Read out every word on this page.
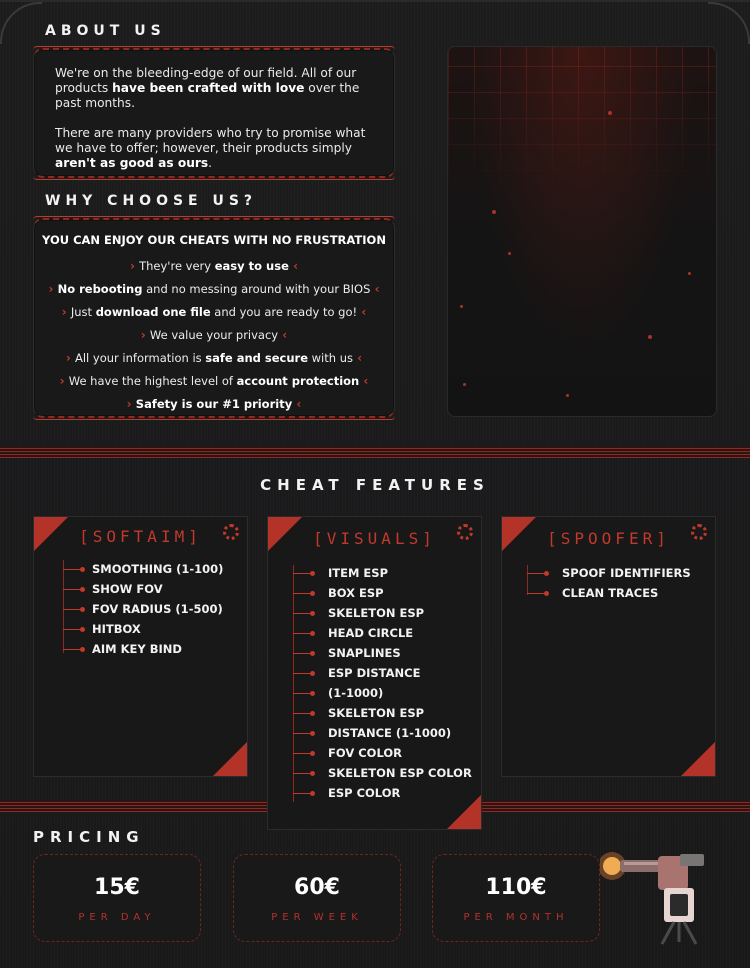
ABOUT US

We're on the bleeding-edge of our field. All of our products have been crafted with love over the past months.

There are many providers who try to promise what we have to offer; however, their products simply aren't as good as ours.

WHY CHOOSE US?
YOU CAN ENJOY OUR CHEATS WITH NO FRUSTRATION
› They're very easy to use ‹
› No rebooting and no messing around with your BIOS ‹
› Just download one file and you are ready to go! ‹
› We value your privacy ‹
› All your information is safe and secure with us ‹
› We have the highest level of account protection ‹
› Safety is our #1 priority ‹
CHEAT FEATURES
[SOFTAIM]
SMOOTHING (1-100)
SHOW FOV
FOV RADIUS (1-500)
HITBOX
AIM KEY BIND
[VISUALS]
ITEM ESP
BOX ESP
SKELETON ESP
HEAD CIRCLE
SNAPLINES
ESP DISTANCE
(1-1000)
SKELETON ESP
DISTANCE (1-1000)
FOV COLOR
SKELETON ESP COLOR
ESP COLOR
[SPOOFER]
SPOOF IDENTIFIERS
CLEAN TRACES
PRICING
15€
PER DAY
60€
PER WEEK
110€
PER MONTH
